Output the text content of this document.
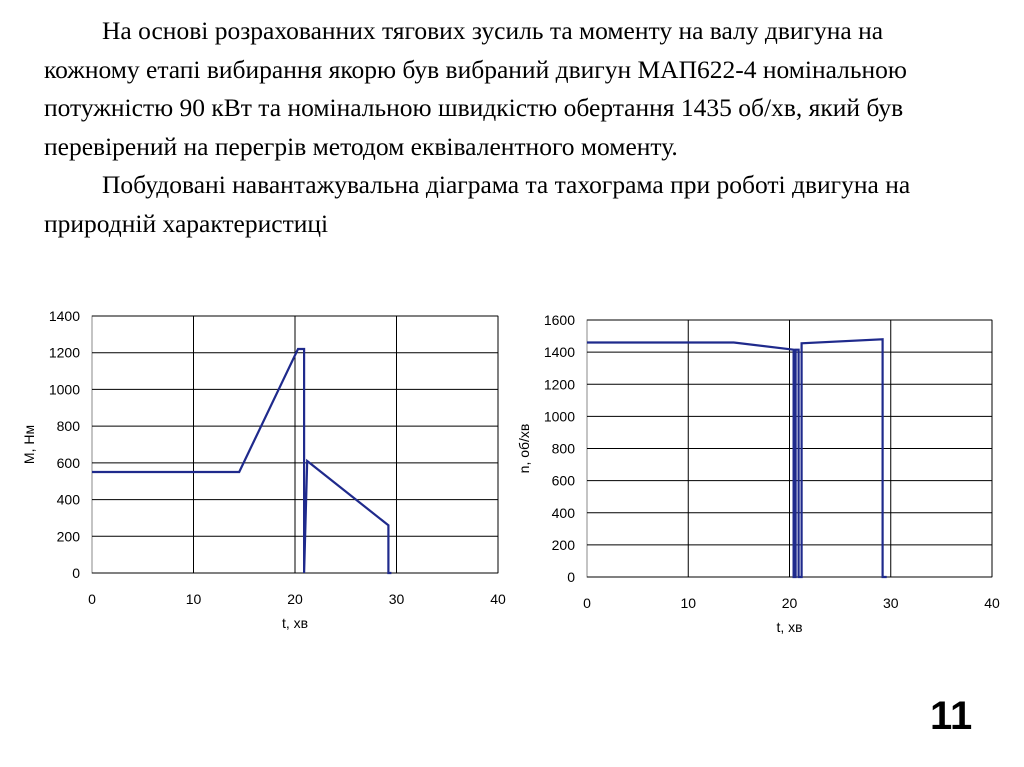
На основі розрахованних тягових зусиль та моменту на валу двигуна на кожному етапі вибирання якорю був вибраний двигун МАП622-4 номінальною потужністю 90 кВт та номінальною швидкістю обертання 1435 об/хв, який був перевірений на перегрів методом еквівалентного моменту.

Побудовані навантажувальна діаграма та тахограма при роботі двигуна на природній характеристиці

0
200
400
600
800
1000
1200
1400
0	10	20	30	40
t, хв
М, Нм
0
200
400
600
800
1000
1200
1400
1600
0	10	20	30	40
t, хв
n, об/хв
11
